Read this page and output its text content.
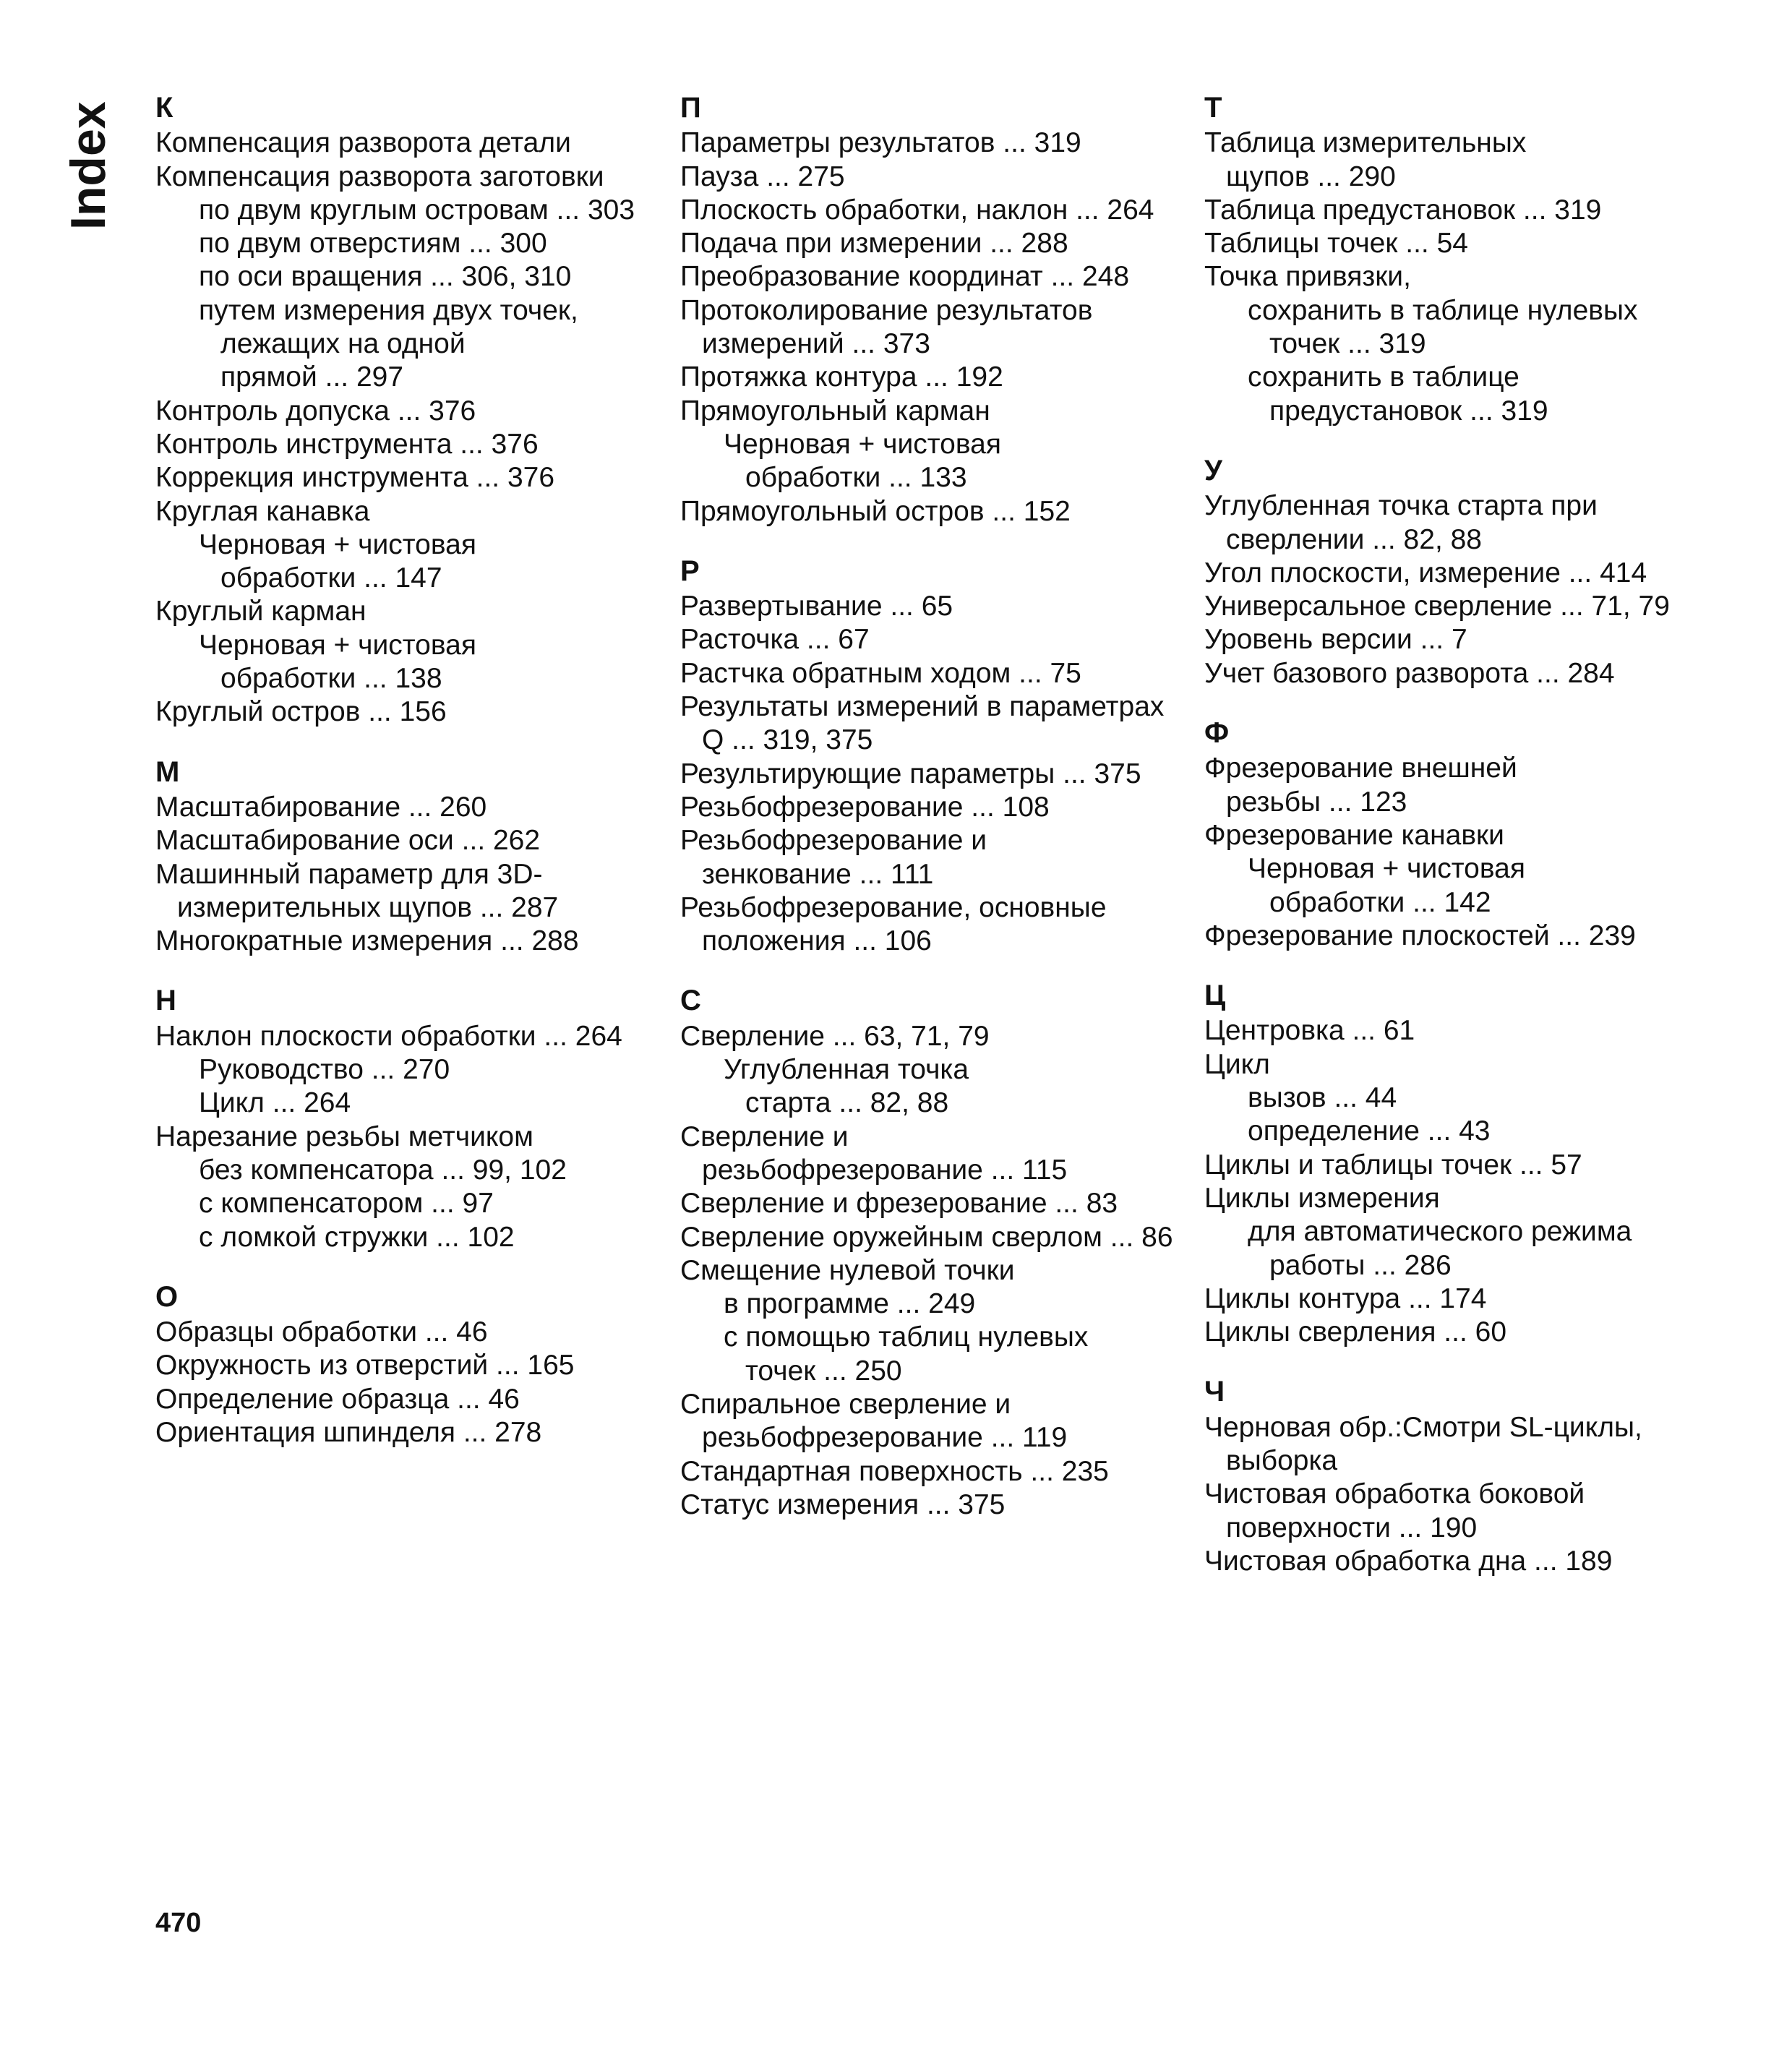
Index К
Компенсация разворота детали
Компенсация разворота заготовки
по двум круглым островам ... 303
по двум отверстиям ... 300
по оси вращения ... 306, 310
путем измерения двух точек,
лежащих на одной
прямой ... 297
Контроль допуска ... 376
Контроль инструмента ... 376
Коррекция инструмента ... 376
Круглая канавка
Черновая + чистовая
обработки ... 147
Круглый карман
Черновая + чистовая
обработки ... 138
Круглый остров ... 156
М
Масштабирование ... 260
Масштабирование оси ... 262
Машинный параметр для 3D-
измерительных щупов ... 287
Многократные измерения ... 288
Н
Наклон плоскости обработки ... 264
Руководство ... 270
Цикл ... 264
Нарезание резьбы метчиком
без компенсатора ... 99, 102
с компенсатором ... 97
с ломкой стружки ... 102
О
Образцы обработки ... 46
Окружность из отверстий ... 165
Определение образца ... 46
Ориентация шпинделя ... 278
П
Параметры результатов ... 319
Пауза ... 275
Плоскость обработки, наклон ... 264
Подача при измерении ... 288
Преобразование координат ... 248
Протоколирование результатов
измерений ... 373
Протяжка контура ... 192
Прямоугольный карман
Черновая + чистовая
обработки ... 133
Прямоугольный остров ... 152
Р
Развертывание ... 65
Расточка ... 67
Растчка обратным ходом ... 75
Результаты измерений в параметрах
Q ... 319, 375
Результирующие параметры ... 375
Резьбофрезерование ... 108
Резьбофрезерование и
зенкование ... 111
Резьбофрезерование, основные
положения ... 106
С
Сверление ... 63, 71, 79
Углубленная точка
старта ... 82, 88
Сверление и
резьбофрезерование ... 115
Сверление и фрезерование ... 83
Сверление оружейным сверлом ... 86
Смещение нулевой точки
в программе ... 249
с помощью таблиц нулевых
точек ... 250
Спиральное сверление и
резьбофрезерование ... 119
Стандартная поверхность ... 235
Статус измерения ... 375
Т
Таблица измерительных
щупов ... 290
Таблица предустановок ... 319
Таблицы точек ... 54
Точка привязки,
сохранить в таблице нулевых
точек ... 319
сохранить в таблице
предустановок ... 319
У
Углубленная точка старта при
сверлении ... 82, 88
Угол плоскости, измерение ... 414
Универсальное сверление ... 71, 79
Уровень версии ... 7
Учет базового разворота ... 284
Ф
Фрезерование внешней
резьбы ... 123
Фрезерование канавки
Черновая + чистовая
обработки ... 142
Фрезерование плоскостей ... 239
Ц
Центровка ... 61
Цикл
вызов ... 44
определение ... 43
Циклы и таблицы точек ... 57
Циклы измерения
для автоматического режима
работы ... 286
Циклы контура ... 174
Циклы сверления ... 60
Ч
Черновая обр.:Смотри SL-циклы,
выборка
Чистовая обработка боковой
поверхности ... 190
Чистовая обработка дна ... 189
470
